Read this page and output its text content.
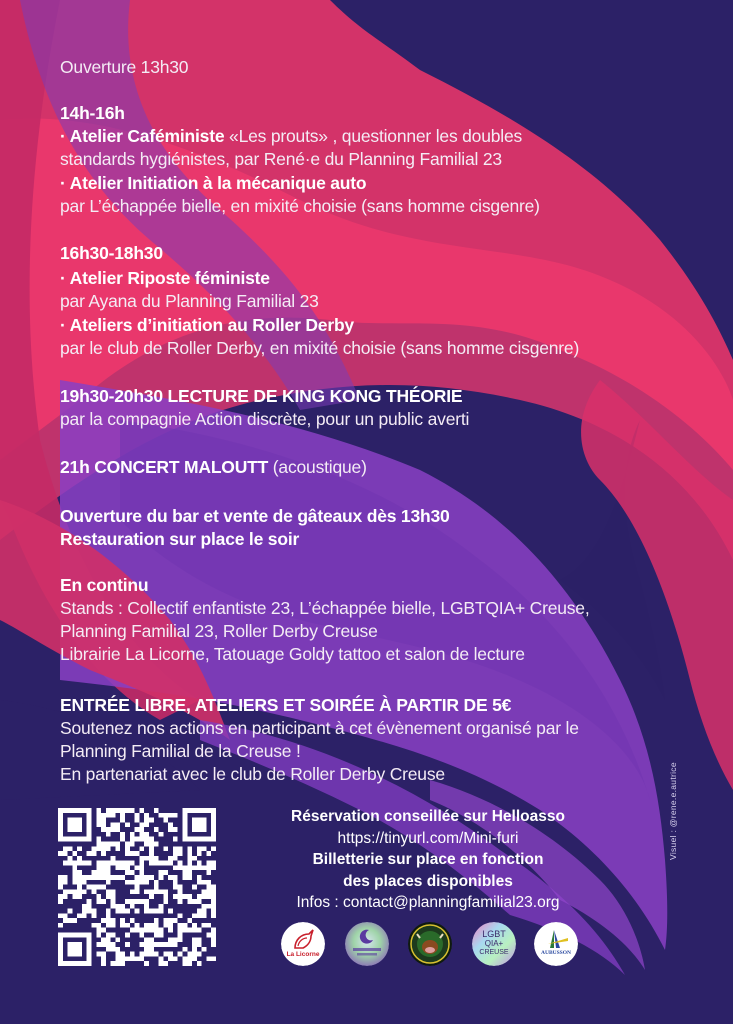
Ouverture 13h30
14h-16h
· Atelier Caféministe «Les prouts» , questionner les doubles
standards hygiénistes, par René·e du Planning Familial 23
· Atelier Initiation à la mécanique auto
par L’échappée bielle, en mixité choisie (sans homme cisgenre)
16h30-18h30
· Atelier Riposte féministe
par Ayana du Planning Familial 23
· Ateliers d’initiation au Roller Derby
par le club de Roller Derby, en mixité choisie (sans homme cisgenre)
19h30-20h30 LECTURE DE KING KONG THÉORIE
par la compagnie Action discrète, pour un public averti
21h CONCERT MALOUTT (acoustique)
Ouverture du bar et vente de gâteaux dès 13h30
Restauration sur place le soir
En continu
Stands : Collectif enfantiste 23, L’échappée bielle, LGBTQIA+ Creuse,
Planning Familial 23, Roller Derby Creuse
Librairie La Licorne, Tatouage Goldy tattoo et salon de lecture
ENTRÉE LIBRE, ATELIERS ET SOIRÉE À PARTIR DE 5€
Soutenez nos actions en participant à cet évènement organisé par le
Planning Familial de la Creuse !
En partenariat avec le club de Roller Derby Creuse
Réservation conseillée sur Helloasso
https://tinyurl.com/Mini-furi
Billetterie sur place en fonction
des places disponibles
Infos : contact@planningfamilial23.org
La Licorne
LGBT
QIA+
CREUSE	AUBUSSON
Visuel : @rene.e.autrice
